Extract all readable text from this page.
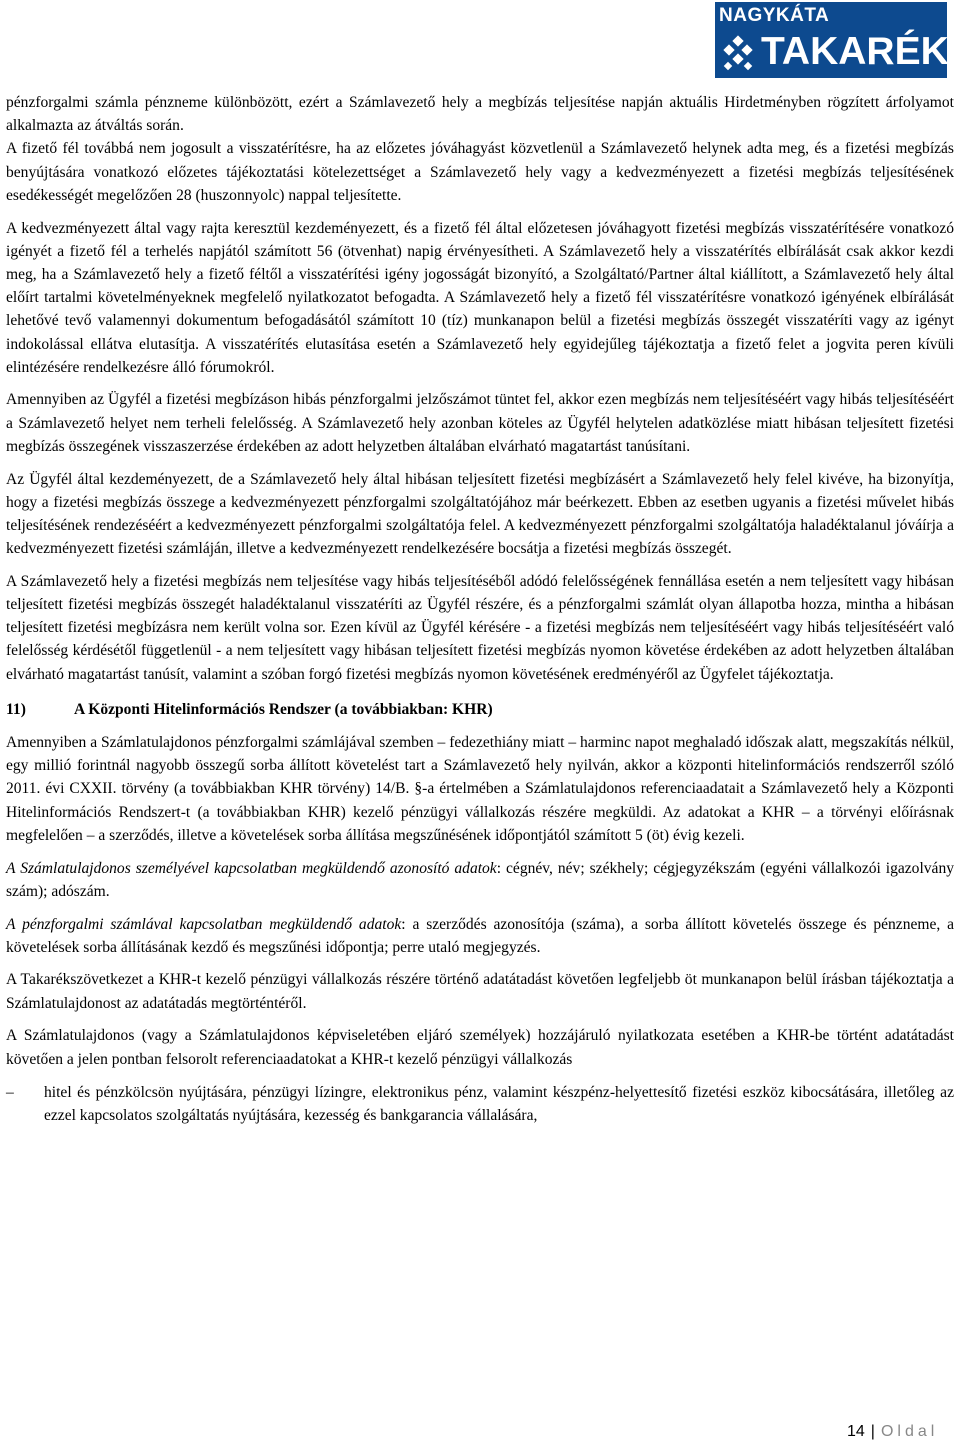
NAGYKÁTA
TAKARÉK

pénzforgalmi számla pénzneme különbözött, ezért a Számlavezető hely a megbízás teljesítése napján aktuális Hirdetményben rögzített árfolyamot alkalmazta az átváltás során.

A fizető fél továbbá nem jogosult a visszatérítésre, ha az előzetes jóváhagyást közvetlenül a Számlavezető helynek adta meg, és a fizetési megbízás benyújtására vonatkozó előzetes tájékoztatási kötelezettséget a Számlavezető hely vagy a kedvezményezett a fizetési megbízás teljesítésének esedékességét megelőzően 28 (huszonnyolc) nappal teljesítette.

A kedvezményezett által vagy rajta keresztül kezdeményezett, és a fizető fél által előzetesen jóváhagyott fizetési megbízás visszatérítésére vonatkozó igényét a fizető fél a terhelés napjától számított 56 (ötvenhat) napig érvényesítheti. A Számlavezető hely a visszatérítés elbírálását csak akkor kezdi meg, ha a Számlavezető hely a fizető féltől a visszatérítési igény jogosságát bizonyító, a Szolgáltató/Partner által kiállított, a Számlavezető hely által előírt tartalmi követelményeknek megfelelő nyilatkozatot befogadta. A Számlavezető hely a fizető fél visszatérítésre vonatkozó igényének elbírálását lehetővé tevő valamennyi dokumentum befogadásától számított 10 (tíz) munkanapon belül a fizetési megbízás összegét visszatéríti vagy az igényt indokolással ellátva elutasítja. A visszatérítés elutasítása esetén a Számlavezető hely egyidejűleg tájékoztatja a fizető felet a jogvita peren kívüli elintézésére rendelkezésre álló fórumokról.

Amennyiben az Ügyfél a fizetési megbízáson hibás pénzforgalmi jelzőszámot tüntet fel, akkor ezen megbízás nem teljesítéséért vagy hibás teljesítéséért a Számlavezető helyet nem terheli felelősség. A Számlavezető hely azonban köteles az Ügyfél helytelen adatközlése miatt hibásan teljesített fizetési megbízás összegének visszaszerzése érdekében az adott helyzetben általában elvárható magatartást tanúsítani.

Az Ügyfél által kezdeményezett, de a Számlavezető hely által hibásan teljesített fizetési megbízásért a Számlavezető hely felel kivéve, ha bizonyítja, hogy a fizetési megbízás összege a kedvezményezett pénzforgalmi szolgáltatójához már beérkezett. Ebben az esetben ugyanis a fizetési művelet hibás teljesítésének rendezéséért a kedvezményezett pénzforgalmi szolgáltatója felel. A kedvezményezett pénzforgalmi szolgáltatója haladéktalanul jóváírja a kedvezményezett fizetési számláján, illetve a kedvezményezett rendelkezésére bocsátja a fizetési megbízás összegét.

A Számlavezető hely a fizetési megbízás nem teljesítése vagy hibás teljesítéséből adódó felelősségének fennállása esetén a nem teljesített vagy hibásan teljesített fizetési megbízás összegét haladéktalanul visszatéríti az Ügyfél részére, és a pénzforgalmi számlát olyan állapotba hozza, mintha a hibásan teljesített fizetési megbízásra nem került volna sor. Ezen kívül az Ügyfél kérésére - a fizetési megbízás nem teljesítéséért vagy hibás teljesítéséért való felelősség kérdésétől függetlenül - a nem teljesített vagy hibásan teljesített fizetési megbízás nyomon követése érdekében az adott helyzetben általában elvárható magatartást tanúsít, valamint a szóban forgó fizetési megbízás nyomon követésének eredményéről az Ügyfelet tájékoztatja.

11)	A Központi Hitelinformációs Rendszer (a továbbiakban: KHR)

Amennyiben a Számlatulajdonos pénzforgalmi számlájával szemben – fedezethiány miatt – harminc napot meghaladó időszak alatt, megszakítás nélkül, egy millió forintnál nagyobb összegű sorba állított követelést tart a Számlavezető hely nyilván, akkor a központi hitelinformációs rendszerről szóló 2011. évi CXXII. törvény (a továbbiakban KHR törvény) 14/B. §-a értelmében a Számlatulajdonos referenciaadatait a Számlavezető hely a Központi Hitelinformációs Rendszert-t (a továbbiakban KHR) kezelő pénzügyi vállalkozás részére megküldi. Az adatokat a KHR – a törvényi előírásnak megfelelően – a szerződés, illetve a követelések sorba állítása megszűnésének időpontjától számított 5 (öt) évig kezeli.

A Számlatulajdonos személyével kapcsolatban megküldendő azonosító adatok: cégnév, név; székhely; cégjegyzékszám (egyéni vállalkozói igazolvány szám); adószám.

A pénzforgalmi számlával kapcsolatban megküldendő adatok: a szerződés azonosítója (száma), a sorba állított követelés összege és pénzneme, a követelések sorba állításának kezdő és megszűnési időpontja; perre utaló megjegyzés.

A Takarékszövetkezet a KHR-t kezelő pénzügyi vállalkozás részére történő adatátadást követően legfeljebb öt munkanapon belül írásban tájékoztatja a Számlatulajdonost az adatátadás megtörténtéről.

A Számlatulajdonos (vagy a Számlatulajdonos képviseletében eljáró személyek) hozzájáruló nyilatkozata esetében a KHR-be történt adatátadást követően a jelen pontban felsorolt referenciaadatokat a KHR-t kezelő pénzügyi vállalkozás

–	hitel és pénzkölcsön nyújtására, pénzügyi lízingre, elektronikus pénz, valamint készpénz-helyettesítő fizetési eszköz kibocsátására, illetőleg az ezzel kapcsolatos szolgáltatás nyújtására, kezesség és bankgarancia vállalására,
14 | Oldal
